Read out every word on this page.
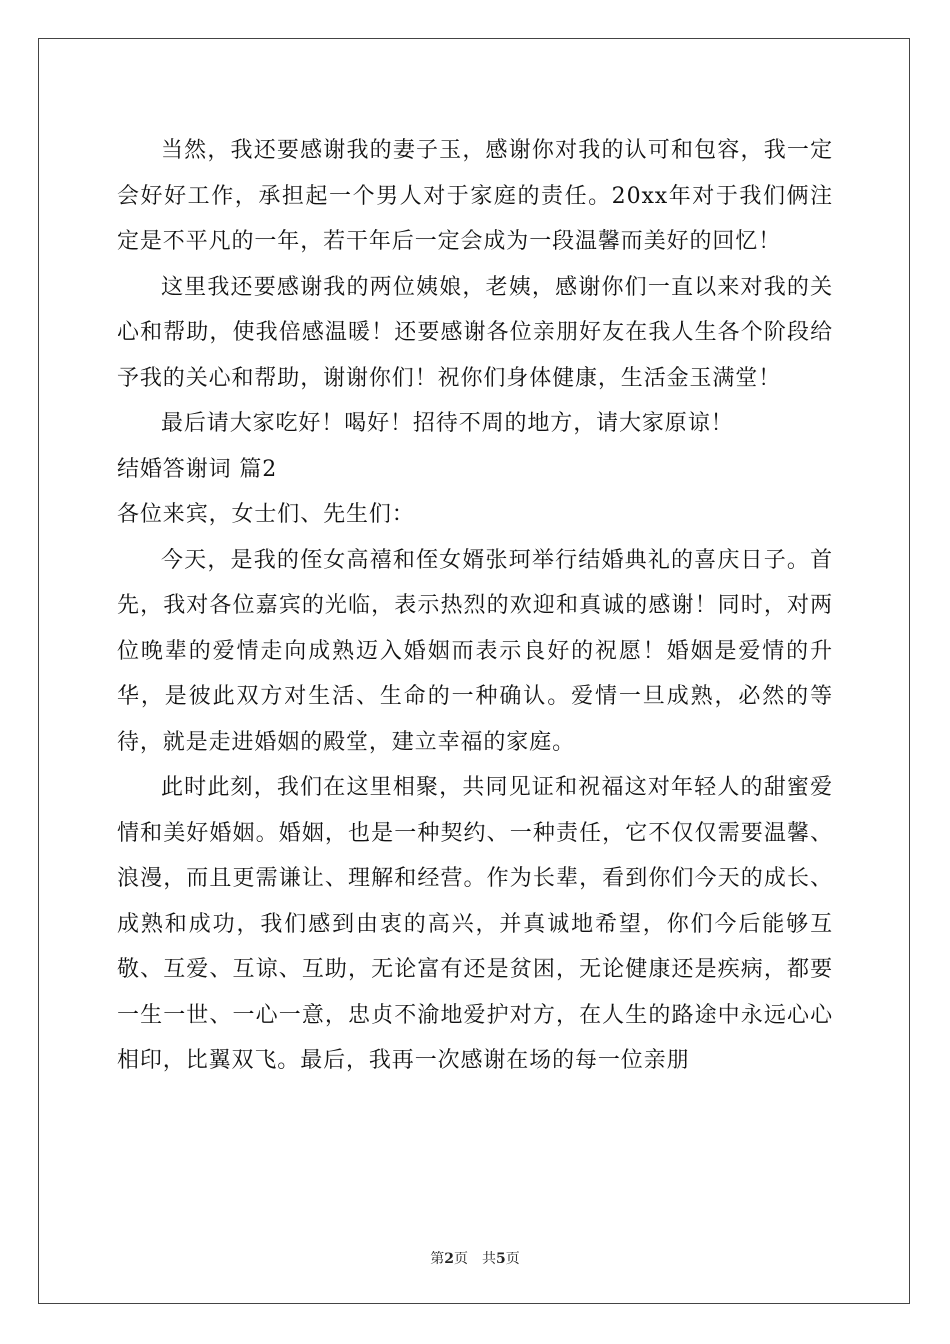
当然，我还要感谢我的妻子玉，感谢你对我的认可和包容，我一定会好好工作，承担起一个男人对于家庭的责任。20xx年对于我们俩注定是不平凡的一年，若干年后一定会成为一段温馨而美好的回忆！

这里我还要感谢我的两位姨娘，老姨，感谢你们一直以来对我的关心和帮助，使我倍感温暖！还要感谢各位亲朋好友在我人生各个阶段给予我的关心和帮助，谢谢你们！祝你们身体健康，生活金玉满堂！

最后请大家吃好！喝好！招待不周的地方，请大家原谅！

结婚答谢词 篇2

各位来宾，女士们、先生们：

今天，是我的侄女高禧和侄女婿张珂举行结婚典礼的喜庆日子。首先，我对各位嘉宾的光临，表示热烈的欢迎和真诚的感谢！同时，对两位晚辈的爱情走向成熟迈入婚姻而表示良好的祝愿！婚姻是爱情的升华，是彼此双方对生活、生命的一种确认。爱情一旦成熟，必然的等待，就是走进婚姻的殿堂，建立幸福的家庭。

此时此刻，我们在这里相聚，共同见证和祝福这对年轻人的甜蜜爱情和美好婚姻。婚姻，也是一种契约、一种责任，它不仅仅需要温馨、浪漫，而且更需谦让、理解和经营。作为长辈，看到你们今天的成长、成熟和成功，我们感到由衷的高兴，并真诚地希望，你们今后能够互敬、互爱、互谅、互助，无论富有还是贫困，无论健康还是疾病，都要一生一世、一心一意，忠贞不渝地爱护对方，在人生的路途中永远心心相印，比翼双飞。最后，我再一次感谢在场的每一位亲朋

第2页 共5页
